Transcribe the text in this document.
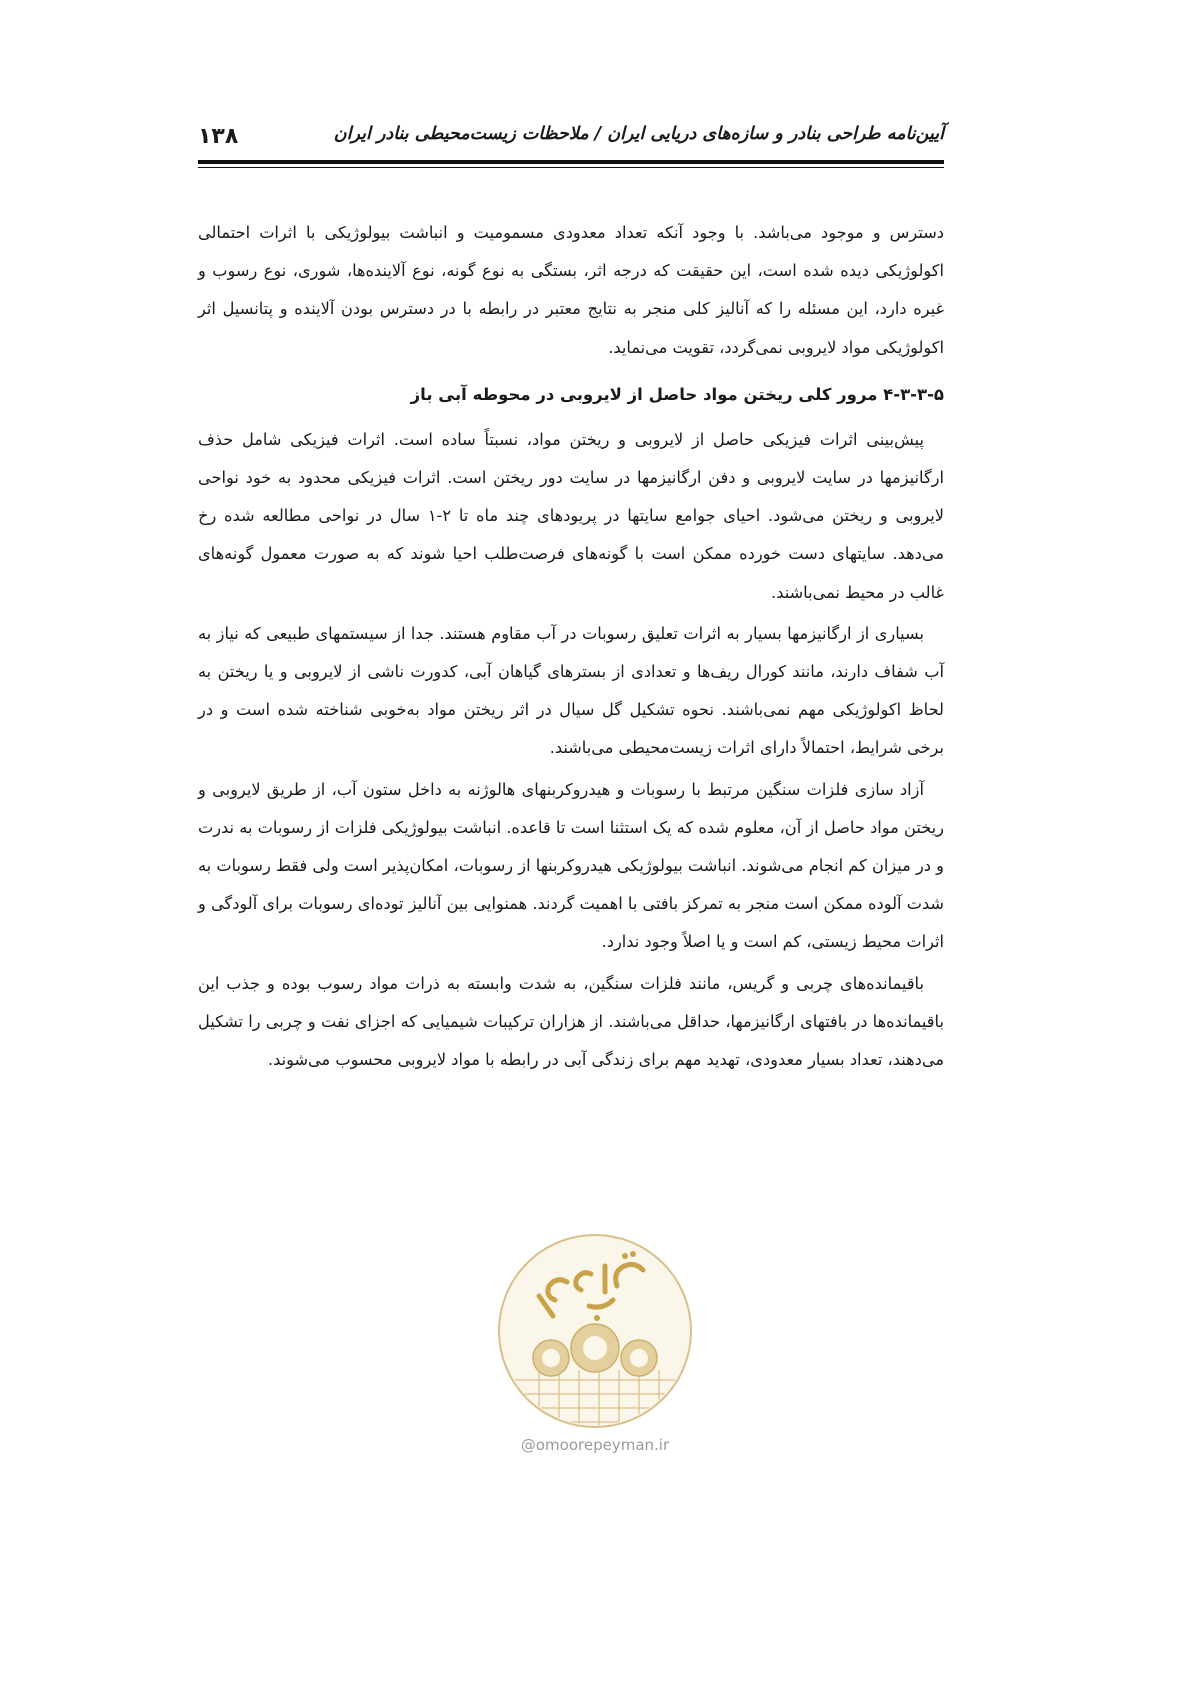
۱۳۸	آیین‌نامه طراحی بنادر و سازه‌های دریایی ایران / ملاحظات زیست‌محیطی بنادر ایران

دسترس و موجود می‌باشد. با وجود آنکه تعداد معدودی مسمومیت و انباشت بیولوژیکی با اثرات احتمالی اکولوژیکی دیده شده است، این حقیقت که درجه اثر، بستگی به نوع گونه، نوع آلاینده‌ها، شوری، نوع رسوب و غیره دارد، این مسئله را که آنالیز کلی منجر به نتایج معتبر در رابطه با در دسترس بودن آلاینده و پتانسیل اثر اکولوژیکی مواد لایروبی نمی‌گردد، تقویت می‌نماید.

۴-۳-۳-۵ مرور کلی ریختن مواد حاصل از لایروبی در محوطه آبی باز

پیش‌بینی اثرات فیزیکی حاصل از لایروبی و ریختن مواد، نسبتاً ساده است. اثرات فیزیکی شامل حذف ارگانیزمها در سایت لایروبی و دفن ارگانیزمها در سایت دور ریختن است. اثرات فیزیکی محدود به خود نواحی لایروبی و ریختن می‌شود. احیای جوامع سایتها در پریودهای چند ماه تا ۲-۱ سال در نواحی مطالعه شده رخ می‌دهد. سایتهای دست خورده ممکن است با گونه‌های فرصت‌طلب احیا شوند که به صورت معمول گونه‌های غالب در محیط نمی‌باشند.

بسیاری از ارگانیزمها بسیار به اثرات تعلیق رسوبات در آب مقاوم هستند. جدا از سیستمهای طبیعی که نیاز به آب شفاف دارند، مانند کورال ریف‌ها و تعدادی از بسترهای گیاهان آبی، کدورت ناشی از لایروبی و یا ریختن به لحاظ اکولوژیکی مهم نمی‌باشند. نحوه تشکیل گل سیال در اثر ریختن مواد به‌خوبی شناخته شده است و در برخی شرایط، احتمالاً دارای اثرات زیست‌محیطی می‌باشند.

آزاد سازی فلزات سنگین مرتبط با رسوبات و هیدروکربنهای هالوژنه به داخل ستون آب، از طریق لایروبی و ریختن مواد حاصل از آن، معلوم شده که یک استثنا است تا قاعده. انباشت بیولوژیکی فلزات از رسوبات به ندرت و در میزان کم انجام می‌شوند. انباشت بیولوژیکی هیدروکربنها از رسوبات، امکان‌پذیر است ولی فقط رسوبات به شدت آلوده ممکن است منجر به تمرکز بافتی با اهمیت گردند. همنوایی بین آنالیز توده‌ای رسوبات برای آلودگی و اثرات محیط زیستی، کم است و یا اصلاً وجود ندارد.

باقیمانده‌های چربی و گریس، مانند فلزات سنگین، به شدت وابسته به ذرات مواد رسوب بوده و جذب این باقیمانده‌ها در بافتهای ارگانیزمها، حداقل می‌باشند. از هزاران ترکیبات شیمیایی که اجزای نفت و چربی را تشکیل می‌دهند، تعداد بسیار معدودی، تهدید مهم برای زندگی آبی در رابطه با مواد لایروبی محسوب می‌شوند.

@omoorepeyman.ir
